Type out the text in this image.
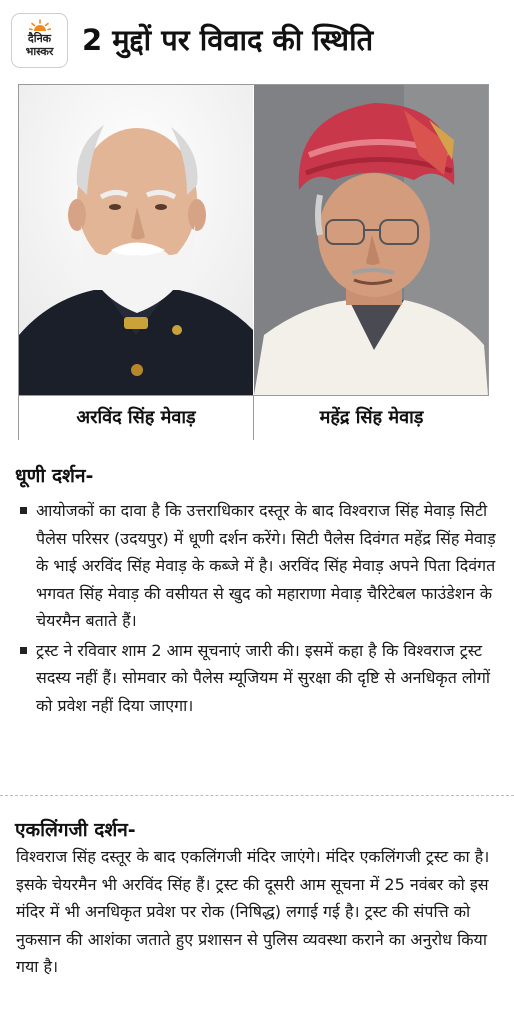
दैनिक
भास्कर 2 मुद्दों पर विवाद की स्थिति
अरविंद सिंह मेवाड़	महेंद्र सिंह मेवाड़
धूणी दर्शन-
आयोजकों का दावा है कि उत्तराधिकार दस्तूर के बाद विश्वराज सिंह मेवाड़ सिटी पैलेस परिसर (उदयपुर) में धूणी दर्शन करेंगे। सिटी पैलेस दिवंगत महेंद्र सिंह मेवाड़ के भाई अरविंद सिंह मेवाड़ के कब्जे में है। अरविंद सिंह मेवाड़ अपने पिता दिवंगत भगवत सिंह मेवाड़ की वसीयत से खुद को महाराणा मेवाड़ चैरिटेबल फाउंडेशन के चेयरमैन बताते हैं।
ट्रस्ट ने रविवार शाम 2 आम सूचनाएं जारी की। इसमें कहा है कि विश्वराज ट्रस्ट सदस्य नहीं हैं। सोमवार को पैलेस म्यूजियम में सुरक्षा की दृष्टि से अनधिकृत लोगों को प्रवेश नहीं दिया जाएगा।
एकलिंगजी दर्शन-
विश्वराज सिंह दस्तूर के बाद एकलिंगजी मंदिर जाएंगे। मंदिर एकलिंगजी ट्रस्ट का है। इसके चेयरमैन भी अरविंद सिंह हैं। ट्रस्ट की दूसरी आम सूचना में 25 नवंबर को इस मंदिर में भी अनधिकृत प्रवेश पर रोक (निषिद्ध) लगाई गई है। ट्रस्ट की संपत्ति को नुकसान की आशंका जताते हुए प्रशासन से पुलिस व्यवस्था कराने का अनुरोध किया गया है।
